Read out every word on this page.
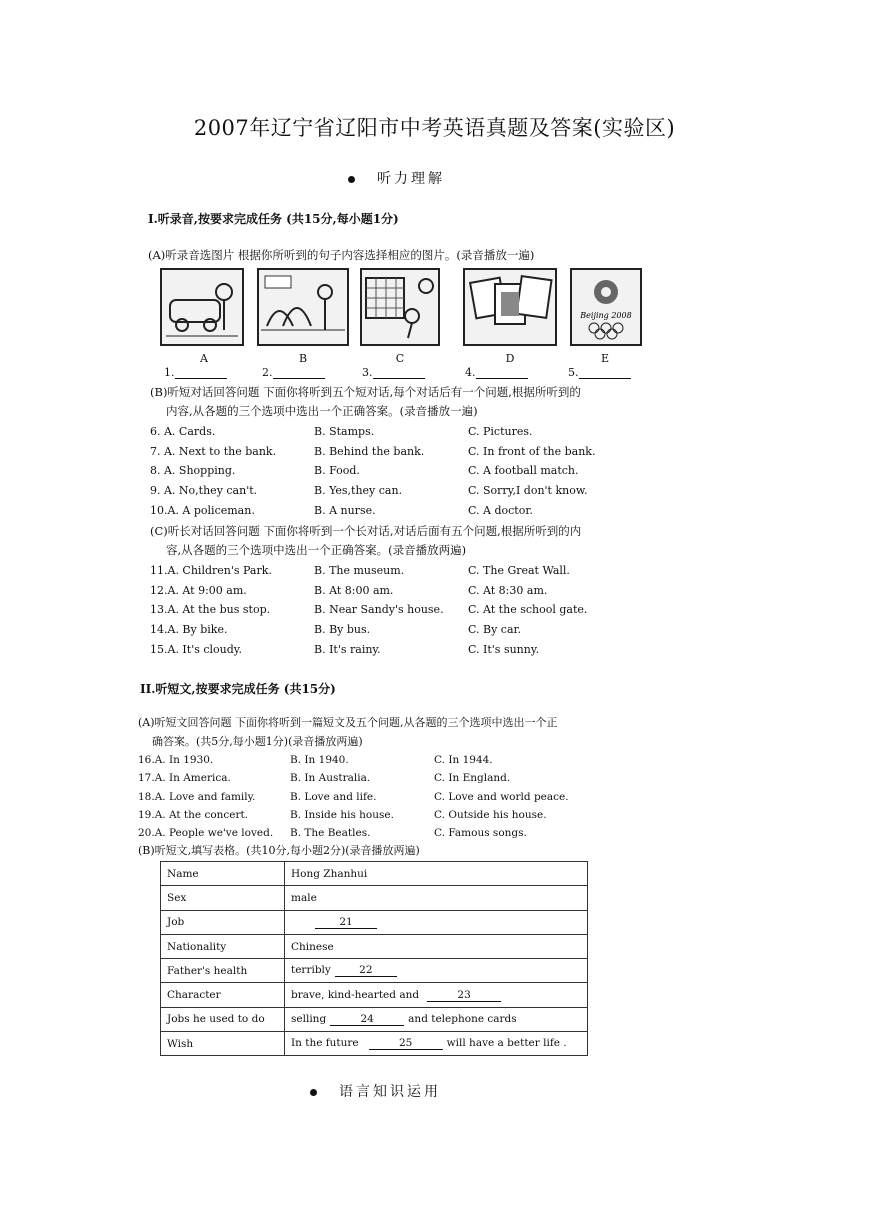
2007年辽宁省辽阳市中考英语真题及答案(实验区)
听力理解
I.听录音,按要求完成任务 (共15分,每小题1分)
(A)听录音选图片 根据你所听到的句子内容选择相应的图片。(录音播放一遍)
Beijing 2008
A	B	C	D	E
1.	2.	3.	4.	5.
(B)听短对话回答问题 下面你将听到五个短对话,每个对话后有一个问题,根据所听到的
内容,从各题的三个选项中选出一个正确答案。(录音播放一遍)
6. A. Cards.	B. Stamps.	C. Pictures.
7. A. Next to the bank.	B. Behind the bank.	C. In front of the bank.
8. A. Shopping.	B. Food.	C. A football match.
9. A. No,they can't.	B. Yes,they can.	C. Sorry,I don't know.
10.A. A policeman.	B. A nurse.	C. A doctor.
(C)听长对话回答问题 下面你将听到一个长对话,对话后面有五个问题,根据所听到的内
容,从各题的三个选项中选出一个正确答案。(录音播放两遍)
11.A. Children's Park.	B. The museum.	C. The Great Wall.
12.A. At 9:00 am.	B. At 8:00 am.	C. At 8:30 am.
13.A. At the bus stop.	B. Near Sandy's house. C. At the school gate.
14.A. By bike.	B. By bus.	C. By car.
15.A. It's cloudy.	B. It's rainy.	C. It's sunny.
II.听短文,按要求完成任务 (共15分)
(A)听短文回答问题 下面你将听到一篇短文及五个问题,从各题的三个选项中选出一个正
确答案。(共5分,每小题1分)(录音播放两遍)
16.A. In 1930.	B. In 1940.	C. In 1944.
17.A. In America.	B. In Australia.	C. In England.
18.A. Love and family.	B. Love and life.	C. Love and world peace.
19.A. At the concert.	B. Inside his house.	C. Outside his house.
20.A. People we've loved. B. The Beatles.	C. Famous songs.
(B)听短文,填写表格。(共10分,每小题2分)(录音播放两遍)
Name	Hong Zhanhui
Sex	male
Job	21
Nationality	Chinese
Father's health	terribly 22
Character	brave, kind-hearted and 23
Jobs he used to do	selling 24 and telephone cards
Wish	In the future 25 will have a better life .
语言知识运用
